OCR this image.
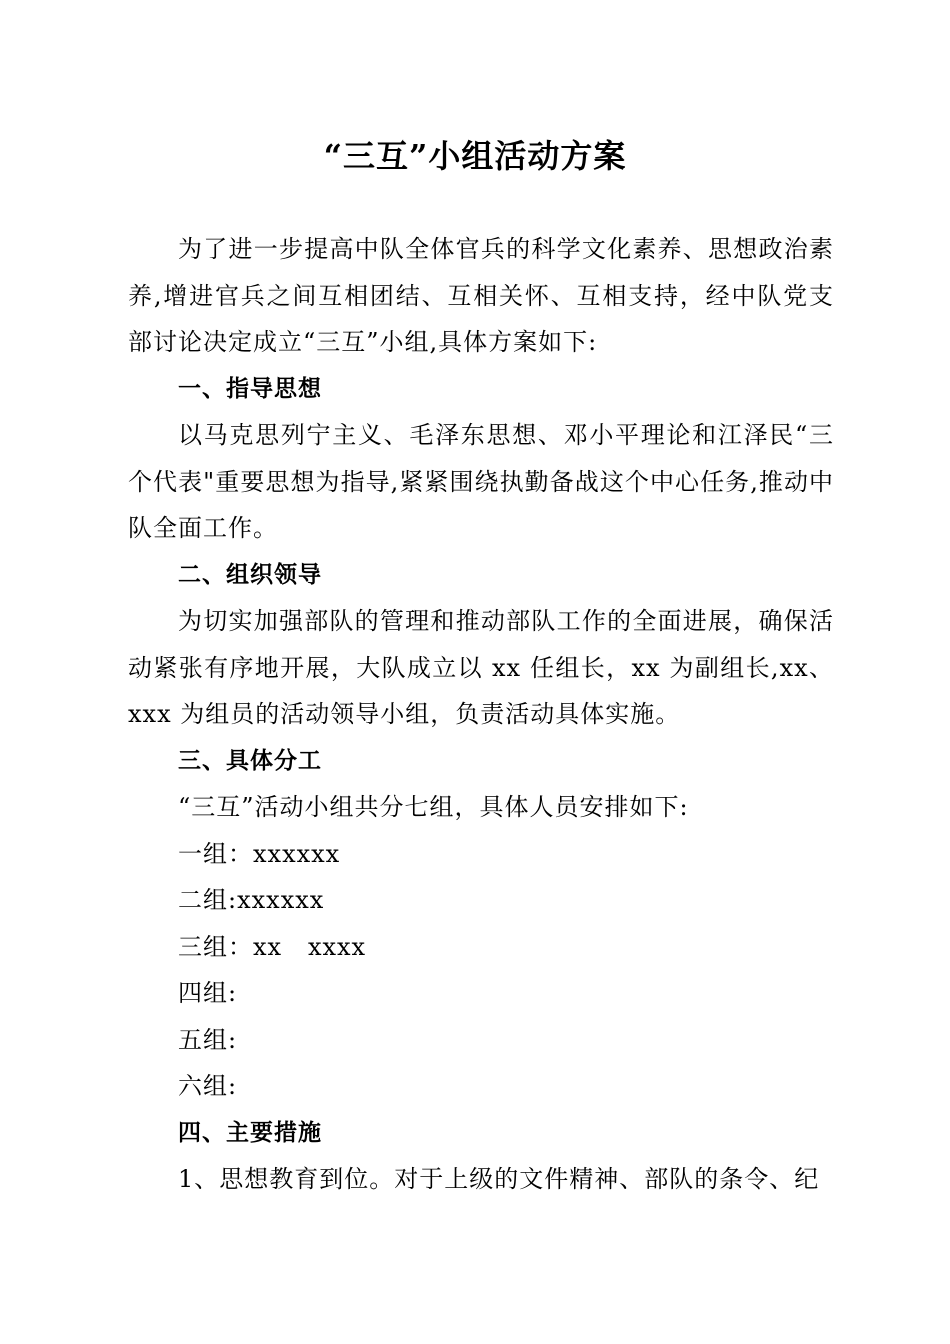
“三互”小组活动方案

为了进一步提高中队全体官兵的科学文化素养、思想政治素养,增进官兵之间互相团结、互相关怀、互相支持，经中队党支部讨论决定成立“三互”小组,具体方案如下:

一、指导思想

以马克思列宁主义、毛泽东思想、邓小平理论和江泽民“三个代表"重要思想为指导,紧紧围绕执勤备战这个中心任务,推动中队全面工作。

二、组织领导

为切实加强部队的管理和推动部队工作的全面进展，确保活动紧张有序地开展，大队成立以 xx 任组长，xx 为副组长,xx、xxx 为组员的活动领导小组，负责活动具体实施。

三、具体分工

“三互”活动小组共分七组，具体人员安排如下:

一组：xxxxxx

二组:xxxxxx

三组：xx   xxxx

四组:

五组:

六组:

四、主要措施

1、思想教育到位。对于上级的文件精神、部队的条令、纪
